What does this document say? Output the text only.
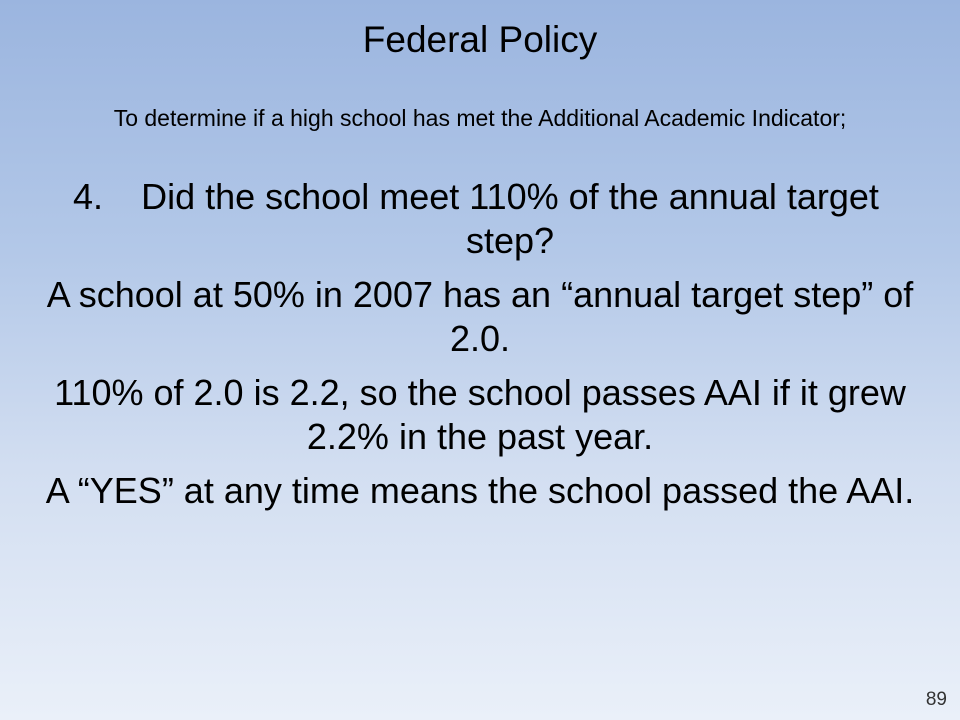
Federal Policy
To determine if a high school has met the Additional Academic Indicator;
4.	Did the school meet 110% of the annual target step?
A school at 50% in 2007 has an “annual target step” of 2.0.
110% of 2.0 is 2.2, so the school passes AAI if it grew 2.2% in the past year.
A “YES” at any time means the school passed the AAI.
89
